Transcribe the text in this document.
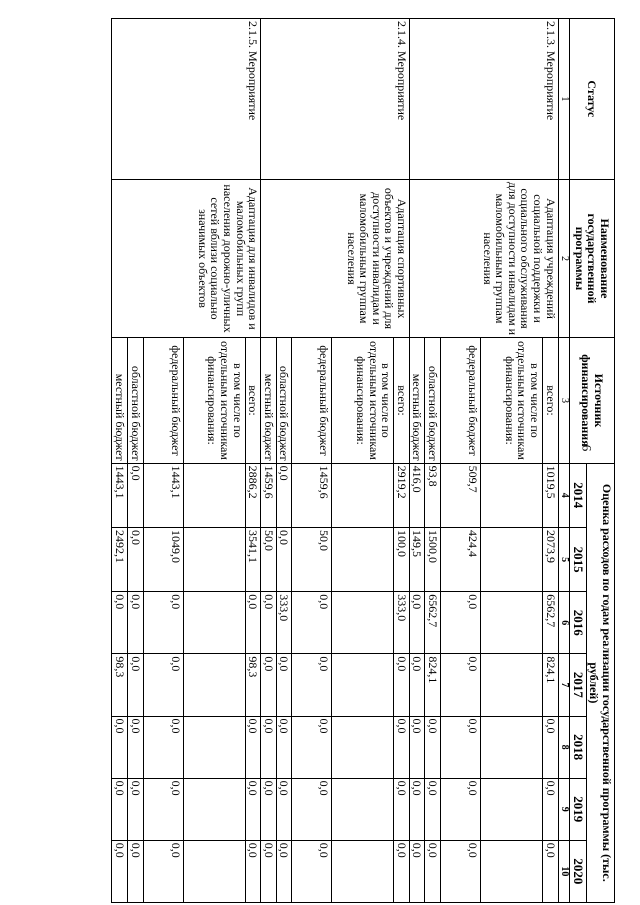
6
Статус	Наименование государственной программы	Источник финансирования	Оценка расходов по годам реализации государственной программы (тыс. рублей)						
			2014	2015	2016	2017	2018	2019	2020
1	2	3	4	5	6	7	8	9	10
2.1.3. Мероприятие	Адаптация учреждений социальной поддержки и социального обслуживания для доступности инвалидам и маломобильным группам населения	всего:	1019,5	2073,9	6562,7	824,1	0,0	0,0	0,0
		в том числе по отдельным источникам финансирования:							
		федеральный бюджет	509,7	424,4	0,0	0,0	0,0	0,0	0,0
		областной бюджет	93,8	1500,0	6562,7	824,1	0,0	0,0	0,0
		местный бюджет	416,0	149,5	0,0	0,0	0,0	0,0	0,0
2.1.4. Мероприятие	Адаптация спортивных объектов и учреждений для доступности инвалидам и маломобильным группам населения	всего:	2919,2	100,0	333,0	0,0	0,0	0,0	0,0
		в том числе по отдельным источникам финансирования:							
		федеральный бюджет	1459,6	50,0	0,0	0,0	0,0	0,0	0,0
		областной бюджет	0,0	0,0	333,0	0,0	0,0	0,0	0,0
		местный бюджет	1459,6	50,0	0,0	0,0	0,0	0,0	0,0
2.1.5. Мероприятие	Адаптация для инвалидов и маломобильных групп населения дорожно-уличных сетей вблизи социально значимых объектов	всего:	2886,2	3541,1	0,0	98,3	0,0	0,0	0,0
		в том числе по отдельным источникам финансирования:							
		федеральный бюджет	1443,1	1049,0	0,0	0,0	0,0	0,0	0,0
		областной бюджет	0,0	0,0	0,0	0,0	0,0	0,0	0,0
		местный бюджет	1443,1	2492,1	0,0	98,3	0,0	0,0	0,0
